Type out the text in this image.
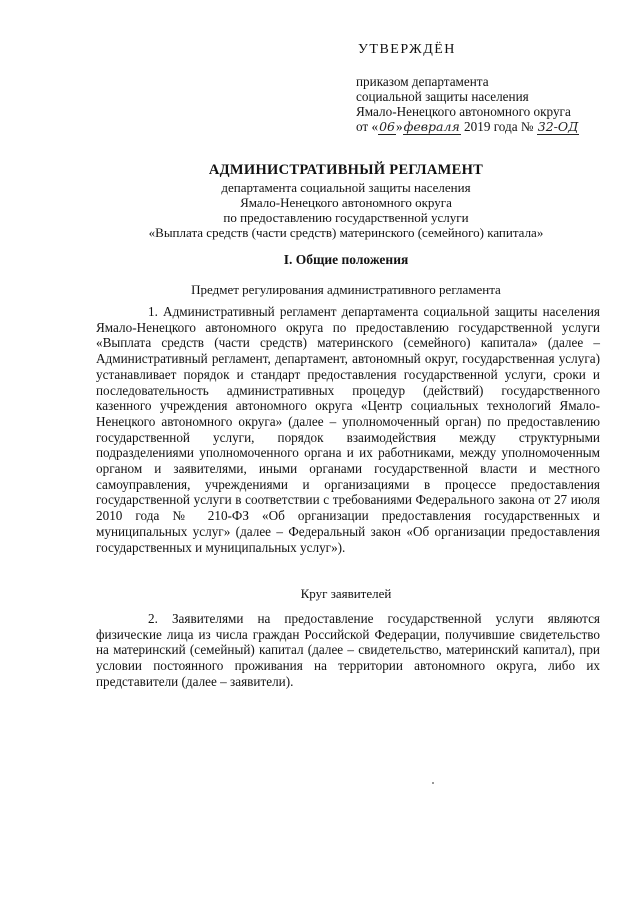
УТВЕРЖДЁН
приказом департамента
социальной защиты населения
Ямало-Ненецкого автономного округа
от «06»февраля 2019 года № 32-ОД
АДМИНИСТРАТИВНЫЙ РЕГЛАМЕНТ
департамента социальной защиты населения
Ямало-Ненецкого автономного округа
по предоставлению государственной услуги
«Выплата средств (части средств) материнского (семейного) капитала»
I. Общие положения
Предмет регулирования административного регламента
1. Административный регламент департамента социальной защиты населения Ямало-Ненецкого автономного округа по предоставлению государственной услуги «Выплата средств (части средств) материнского (семейного) капитала» (далее – Административный регламент, департамент, автономный округ, государственная услуга) устанавливает порядок и стандарт предоставления государственной услуги, сроки и последовательность административных процедур (действий) государственного казенного учреждения автономного округа «Центр социальных технологий Ямало-Ненецкого автономного округа» (далее – уполномоченный орган) по предоставлению государственной услуги, порядок взаимодействия между структурными подразделениями уполномоченного органа и их работниками, между уполномоченным органом и заявителями, иными органами государственной власти и местного самоуправления, учреждениями и организациями в процессе предоставления государственной услуги в соответствии с требованиями Федерального закона от 27 июля 2010 года № 210-ФЗ «Об организации предоставления государственных и муниципальных услуг» (далее – Федеральный закон «Об организации предоставления государственных и муниципальных услуг»).
Круг заявителей
2. Заявителями на предоставление государственной услуги являются физические лица из числа граждан Российской Федерации, получившие свидетельство на материнский (семейный) капитал (далее – свидетельство, материнский капитал), при условии постоянного проживания на территории автономного округа, либо их представители (далее – заявители).
